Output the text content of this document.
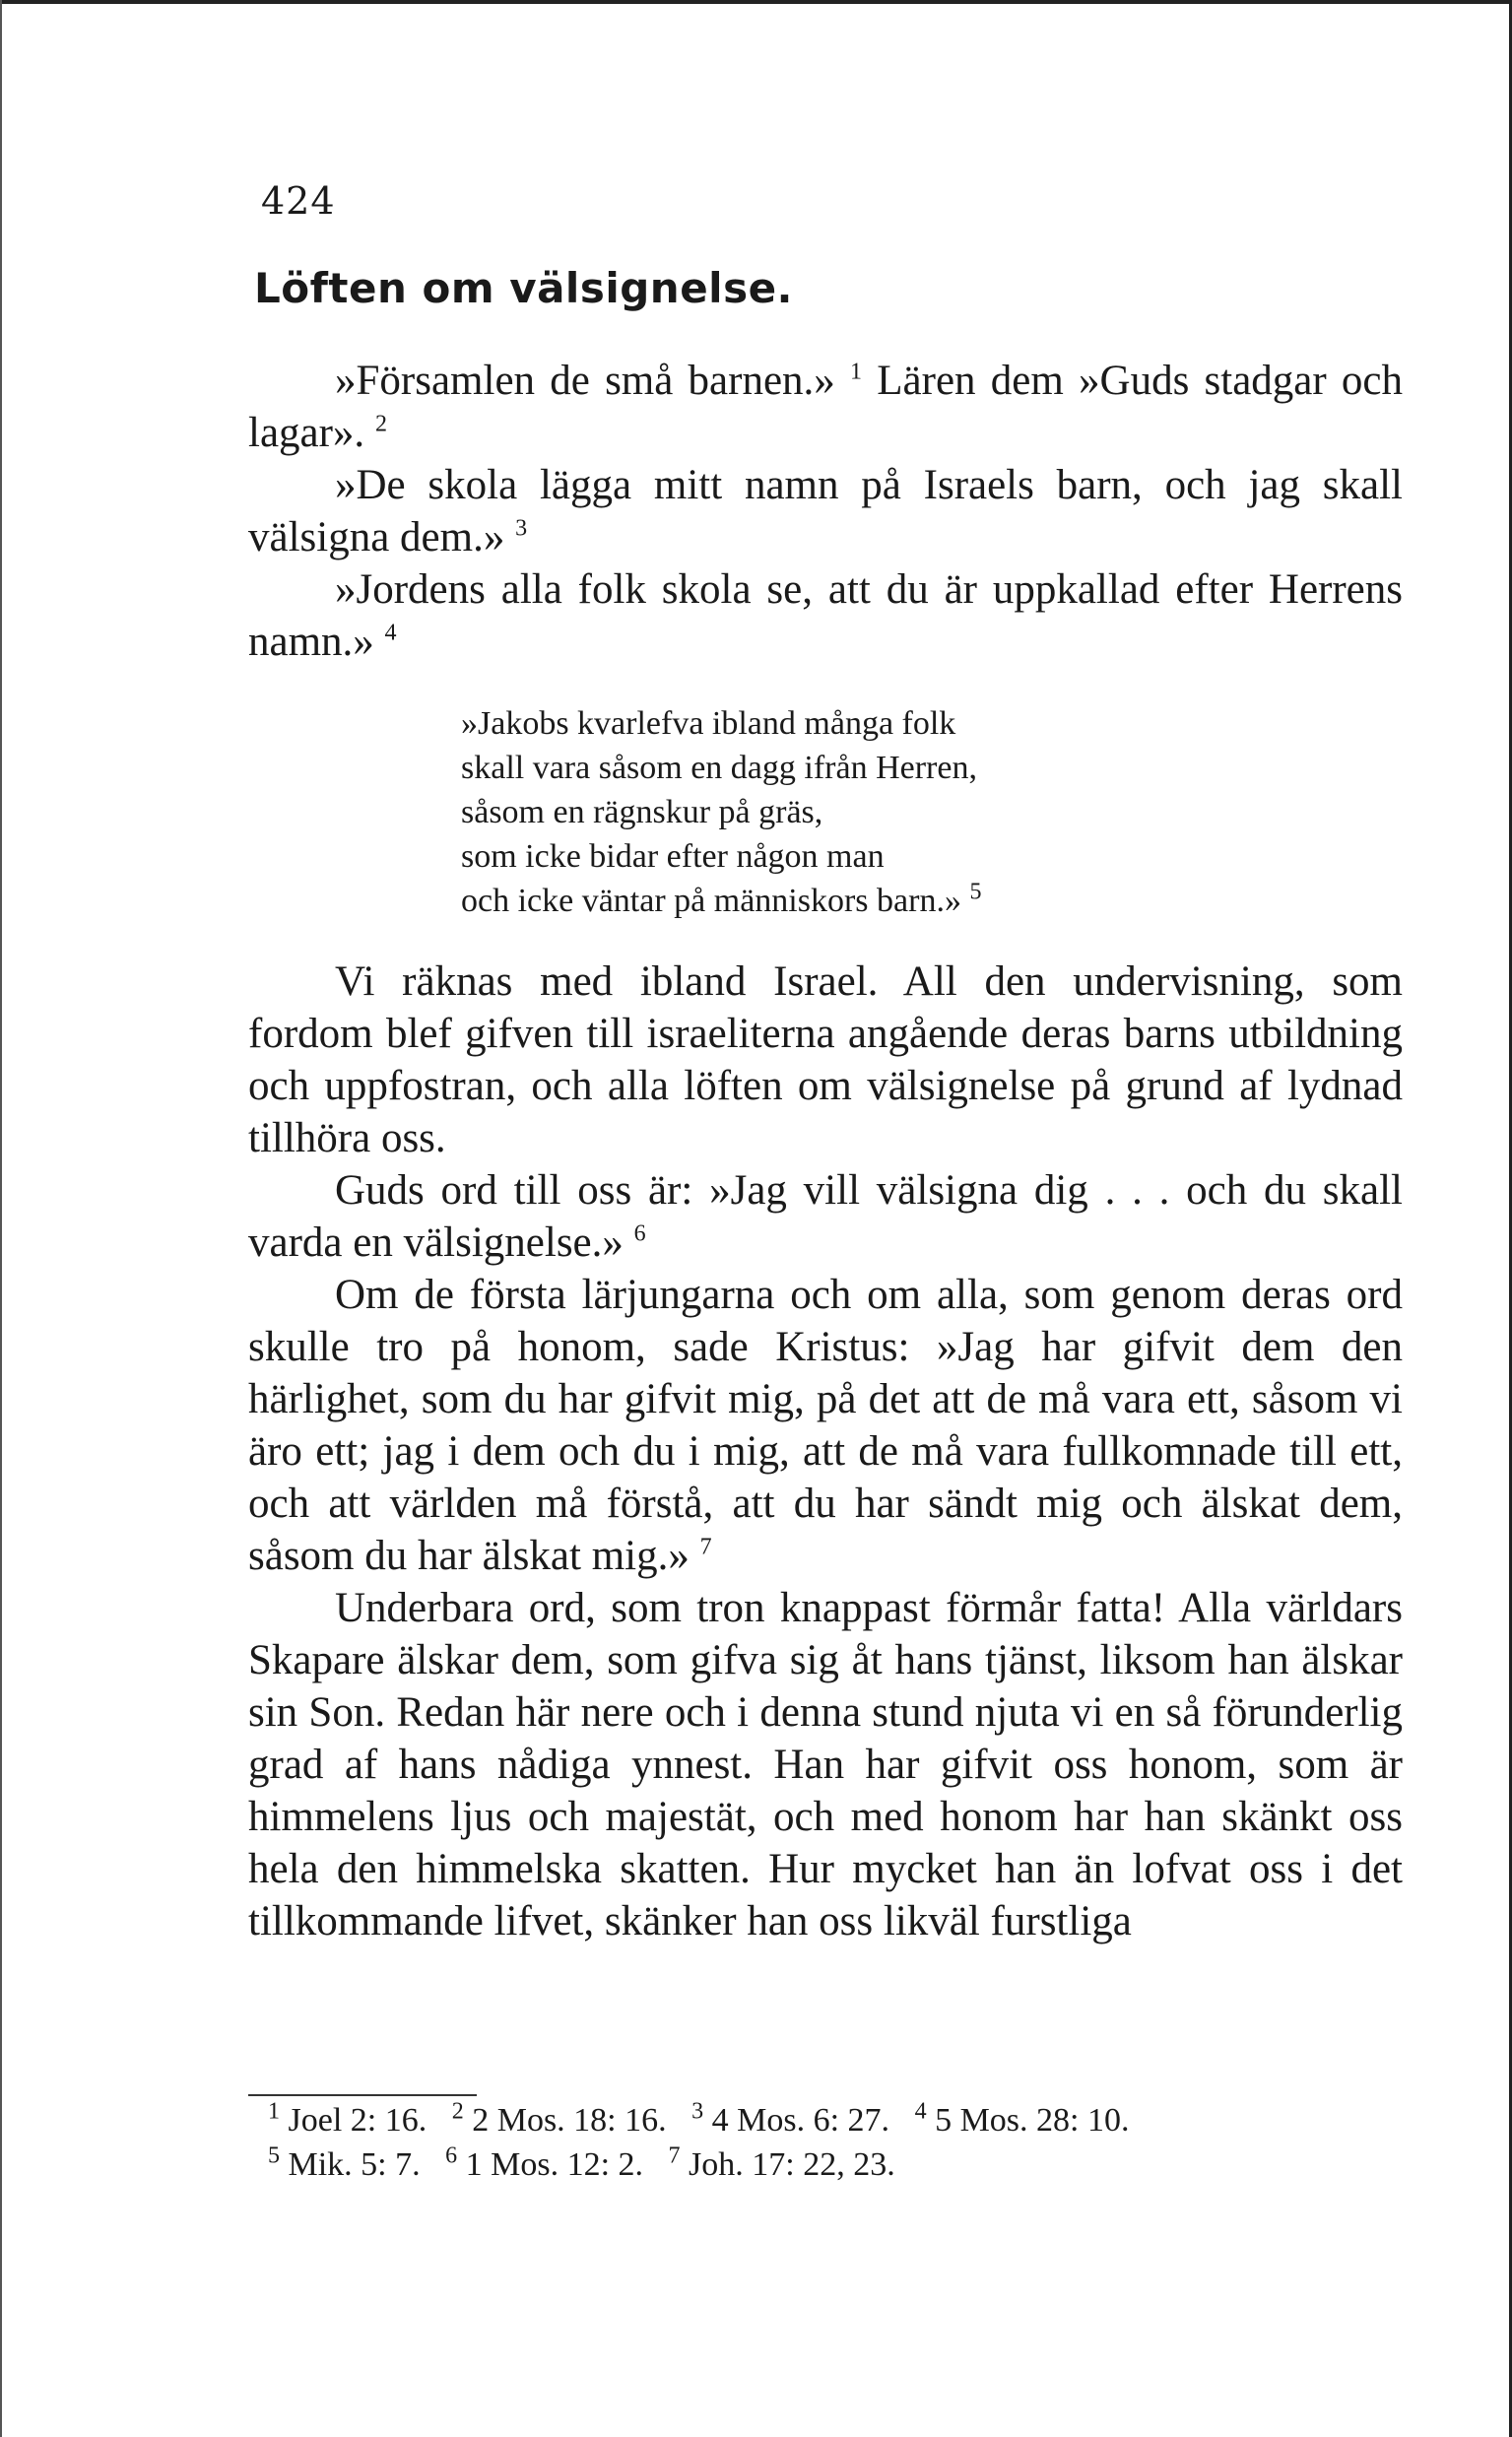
424
Löften om välsignelse.

»Församlen de små barnen.» $^1$ Lären dem »Guds stadgar och lagar». $^2$

»De skola lägga mitt namn på Israels barn, och jag skall välsigna dem.» $^3$

»Jordens alla folk skola se, att du är uppkallad efter Herrens namn.» $^4$

»Jakobs kvarlefva ibland många folk
skall vara såsom en dagg ifrån Herren,
såsom en rägnskur på gräs,
som icke bidar efter någon man
och icke väntar på människors barn.» $^5$

Vi räknas med ibland Israel. All den undervisning, som fordom blef gifven till israeliterna angående deras barns utbildning och uppfostran, och alla löften om välsignelse på grund af lydnad tillhöra oss.

Guds ord till oss är: »Jag vill välsigna dig . . . och du skall varda en välsignelse.» $^6$

Om de första lärjungarna och om alla, som genom deras ord skulle tro på honom, sade Kristus: »Jag har gifvit dem den härlighet, som du har gifvit mig, på det att de må vara ett, såsom vi äro ett; jag i dem och du i mig, att de må vara fullkomnade till ett, och att världen må förstå, att du har sändt mig och älskat dem, såsom du har älskat mig.» $^7$

Underbara ord, som tron knappast förmår fatta! Alla världars Skapare älskar dem, som gifva sig åt hans tjänst, liksom han älskar sin Son. Redan här nere och i denna stund njuta vi en så förunderlig grad af hans nådiga ynnest. Han har gifvit oss honom, som är himmelens ljus och majestät, och med honom har han skänkt oss hela den himmelska skatten. Hur mycket han än lofvat oss i det tillkommande lifvet, skänker han oss likväl furstliga

$^1$ Joel 2: 16. $^2$ 2 Mos. 18: 16. $^3$ 4 Mos. 6: 27. $^4$ 5 Mos. 28: 10.
$^5$ Mik. 5: 7. $^6$ 1 Mos. 12: 2. $^7$ Joh. 17: 22, 23.
